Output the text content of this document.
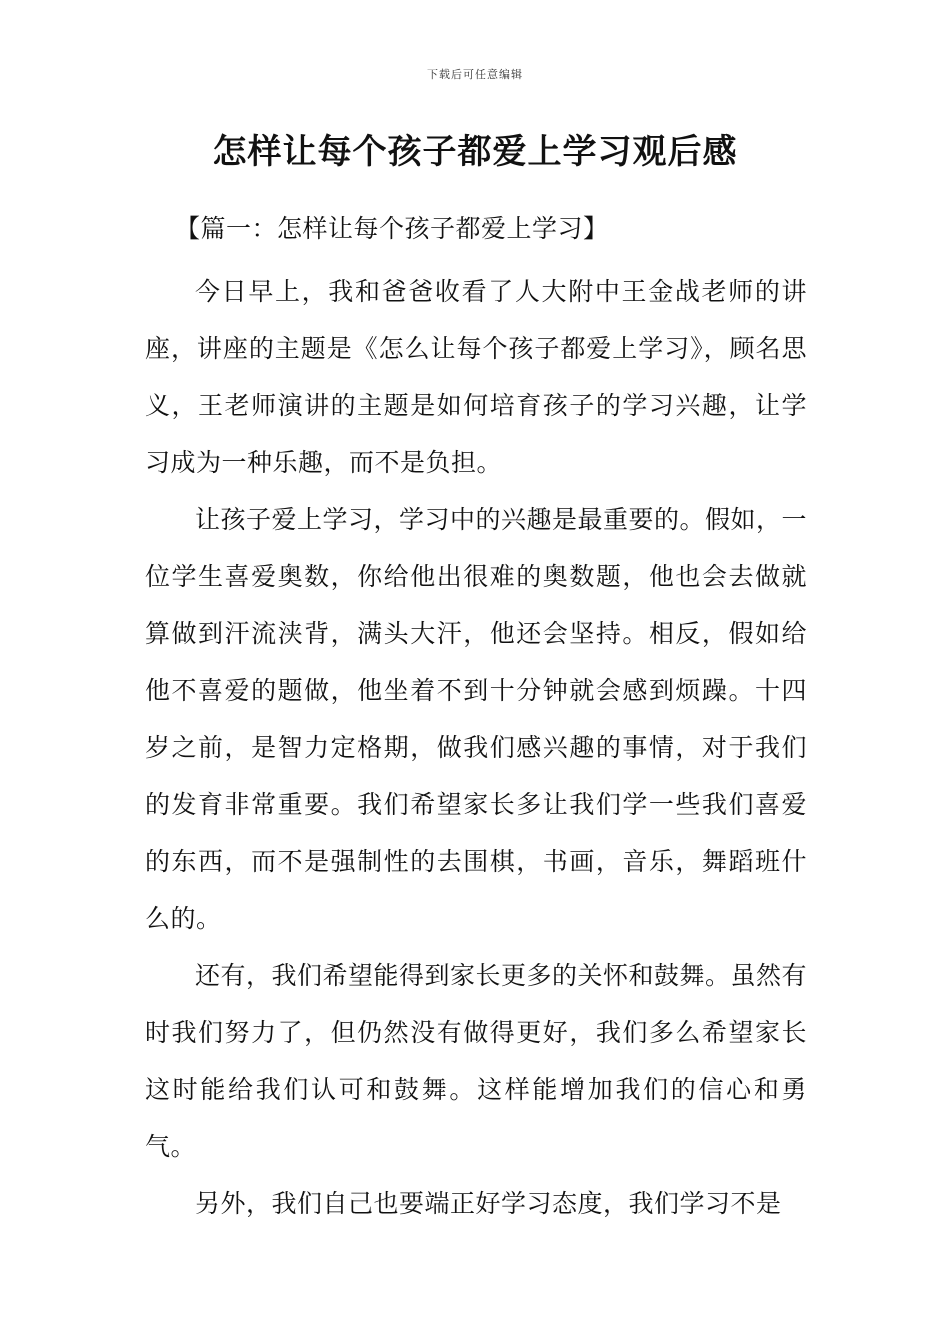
下载后可任意编辑
怎样让每个孩子都爱上学习观后感

【篇一：怎样让每个孩子都爱上学习】

今日早上，我和爸爸收看了人大附中王金战老师的讲座，讲座的主题是《怎么让每个孩子都爱上学习》，顾名思义，王老师演讲的主题是如何培育孩子的学习兴趣，让学习成为一种乐趣，而不是负担。

让孩子爱上学习，学习中的兴趣是最重要的。假如，一位学生喜爱奥数，你给他出很难的奥数题，他也会去做就算做到汗流浃背，满头大汗，他还会坚持。相反，假如给他不喜爱的题做，他坐着不到十分钟就会感到烦躁。十四岁之前，是智力定格期，做我们感兴趣的事情，对于我们的发育非常重要。我们希望家长多让我们学一些我们喜爱的东西，而不是强制性的去围棋，书画，音乐，舞蹈班什么的。

还有，我们希望能得到家长更多的关怀和鼓舞。虽然有时我们努力了，但仍然没有做得更好，我们多么希望家长这时能给我们认可和鼓舞。这样能增加我们的信心和勇气。

另外，我们自己也要端正好学习态度，我们学习不是
